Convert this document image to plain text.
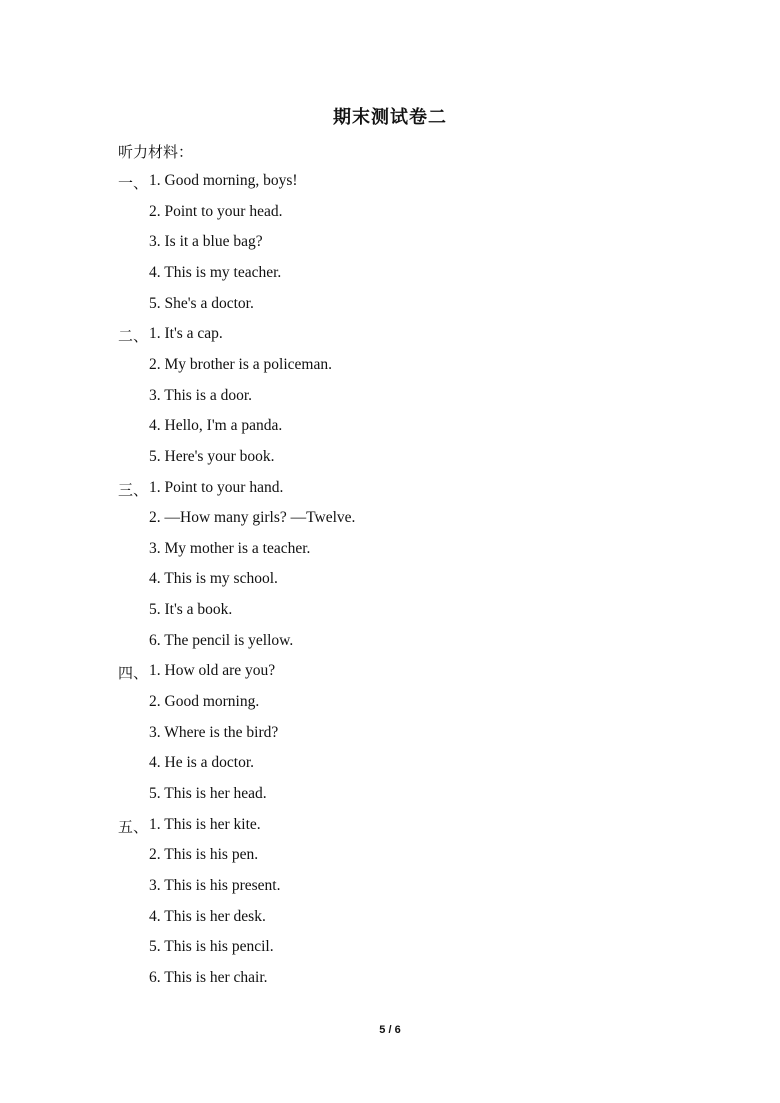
期末测试卷二
听力材料：
一、 1. Good morning, boys!
2. Point to your head.
3. Is it a blue bag?
4. This is my teacher.
5. She's a doctor.
二、 1. It's a cap.
2. My brother is a policeman.
3. This is a door.
4. Hello, I'm a panda.
5. Here's your book.
三、 1. Point to your hand.
2. —How many girls? —Twelve.
3. My mother is a teacher.
4. This is my school.
5. It's a book.
6. The pencil is yellow.
四、 1. How old are you?
2. Good morning.
3. Where is the bird?
4. He is a doctor.
5. This is her head.
五、 1. This is her kite.
2. This is his pen.
3. This is his present.
4. This is her desk.
5. This is his pencil.
6. This is her chair.
5 / 6
